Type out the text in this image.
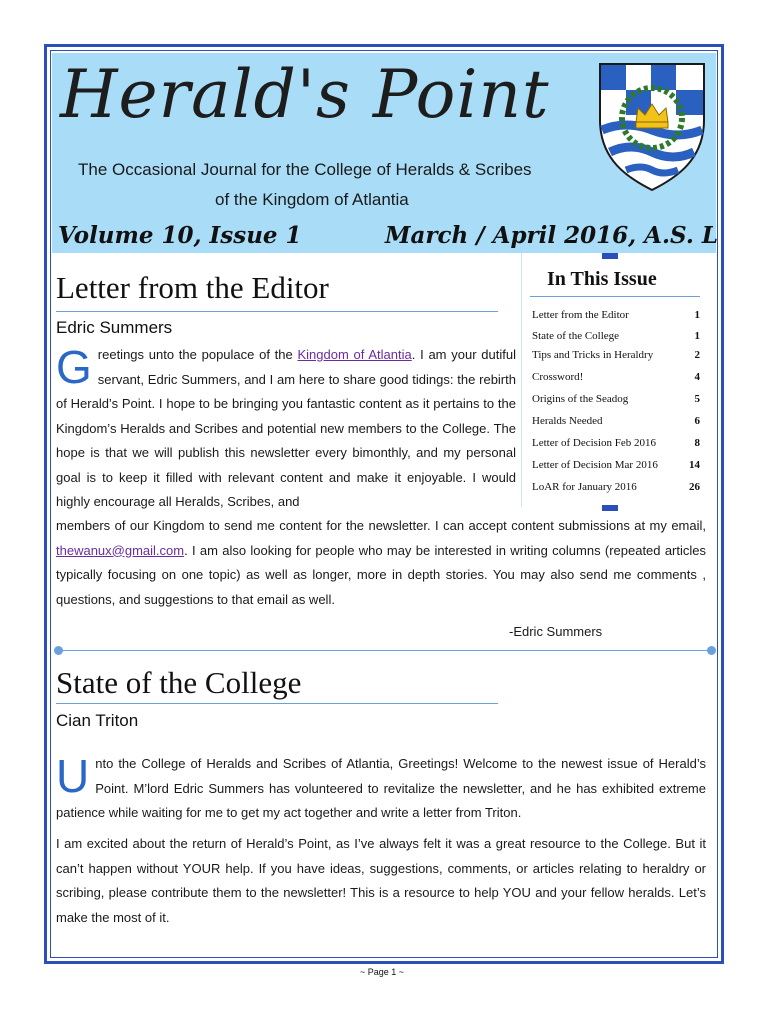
Herald's Point
The Occasional Journal for the College of Heralds & Scribes
of the Kingdom of Atlantia
Volume 10, Issue 1	March / April 2016, A.S. L
Letter from the Editor
Edric Summers
G reetings unto the populace of the Kingdom of Atlantia. I am your dutiful servant, Edric Summers, and I am here to share good tidings: the rebirth of Herald’s Point. I hope to be bringing you fantastic content as it pertains to the Kingdom’s Heralds and Scribes and potential new members to the College. The hope is that we will publish this newsletter every bimonthly, and my personal goal is to keep it filled with relevant content and make it enjoyable. I would highly encourage all Heralds, Scribes, and
members of our Kingdom to send me content for the newsletter. I can accept content submissions at my email, thewanux@gmail.com. I am also looking for people who may be interested in writing columns (repeated articles typically focusing on one topic) as well as longer, more in depth stories. You may also send me comments , questions, and suggestions to that email as well.
-Edric Summers
In This Issue
Letter from the Editor	1
State of the College	1
Tips and Tricks in Heraldry	2
Crossword!	4
Origins of the Seadog	5
Heralds Needed	6
Letter of Decision Feb 2016	8
Letter of Decision Mar 2016	14
LoAR for January 2016	26
State of the College
Cian Triton
U nto the College of Heralds and Scribes of Atlantia, Greetings! Welcome to the newest issue of Herald’s Point. M’lord Edric Summers has volunteered to revitalize the newsletter, and he has exhibited extreme patience while waiting for me to get my act together and write a letter from Triton.
I am excited about the return of Herald’s Point, as I’ve always felt it was a great resource to the College. But it can’t happen without YOUR help. If you have ideas, suggestions, comments, or articles relating to heraldry or scribing, please contribute them to the newsletter! This is a resource to help YOU and your fellow heralds. Let’s make the most of it.
~ Page 1 ~
